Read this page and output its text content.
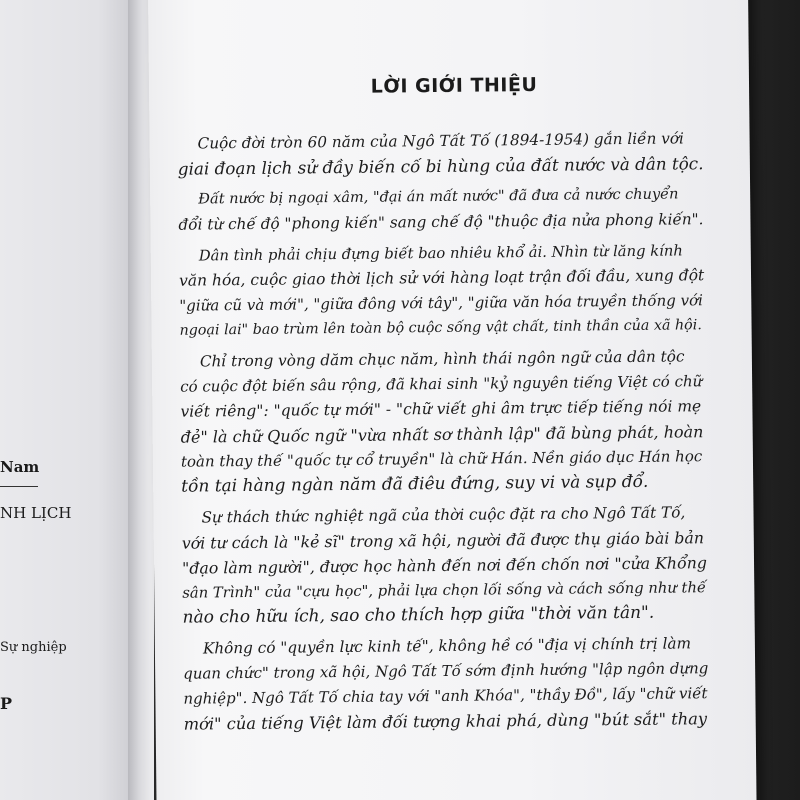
Nam
NH LỊCH
Sự nghiệp
P
LỜI GIỚI THIỆU
Cuộc đời tròn 60 năm của Ngô Tất Tố (1894-1954) gắn liền với
giai đoạn lịch sử đầy biến cố bi hùng của đất nước và dân tộc.
Đất nước bị ngoại xâm, "đại án mất nước" đã đưa cả nước chuyển
đổi từ chế độ "phong kiến" sang chế độ "thuộc địa nửa phong kiến".
Dân tình phải chịu đựng biết bao nhiêu khổ ải. Nhìn từ lăng kính
văn hóa, cuộc giao thời lịch sử với hàng loạt trận đối đầu, xung đột
"giữa cũ và mới", "giữa đông với tây", "giữa văn hóa truyền thống với
ngoại lai" bao trùm lên toàn bộ cuộc sống vật chất, tinh thần của xã hội.
Chỉ trong vòng dăm chục năm, hình thái ngôn ngữ của dân tộc
có cuộc đột biến sâu rộng, đã khai sinh "kỷ nguyên tiếng Việt có chữ
viết riêng": "quốc tự mới" - "chữ viết ghi âm trực tiếp tiếng nói mẹ
đẻ" là chữ Quốc ngữ "vừa nhất sơ thành lập" đã bùng phát, hoàn
toàn thay thế "quốc tự cổ truyền" là chữ Hán. Nền giáo dục Hán học
tồn tại hàng ngàn năm đã điêu đứng, suy vi và sụp đổ.
Sự thách thức nghiệt ngã của thời cuộc đặt ra cho Ngô Tất Tố,
với tư cách là "kẻ sĩ" trong xã hội, người đã được thụ giáo bài bản
"đạo làm người", được học hành đến nơi đến chốn nơi "cửa Khổng
sân Trình" của "cựu học", phải lựa chọn lối sống và cách sống như thế
nào cho hữu ích, sao cho thích hợp giữa "thời văn tân".
Không có "quyền lực kinh tế", không hề có "địa vị chính trị làm
quan chức" trong xã hội, Ngô Tất Tố sớm định hướng "lập ngôn dựng
nghiệp". Ngô Tất Tố chia tay với "anh Khóa", "thầy Đồ", lấy "chữ viết
mới" của tiếng Việt làm đối tượng khai phá, dùng "bút sắt" thay
